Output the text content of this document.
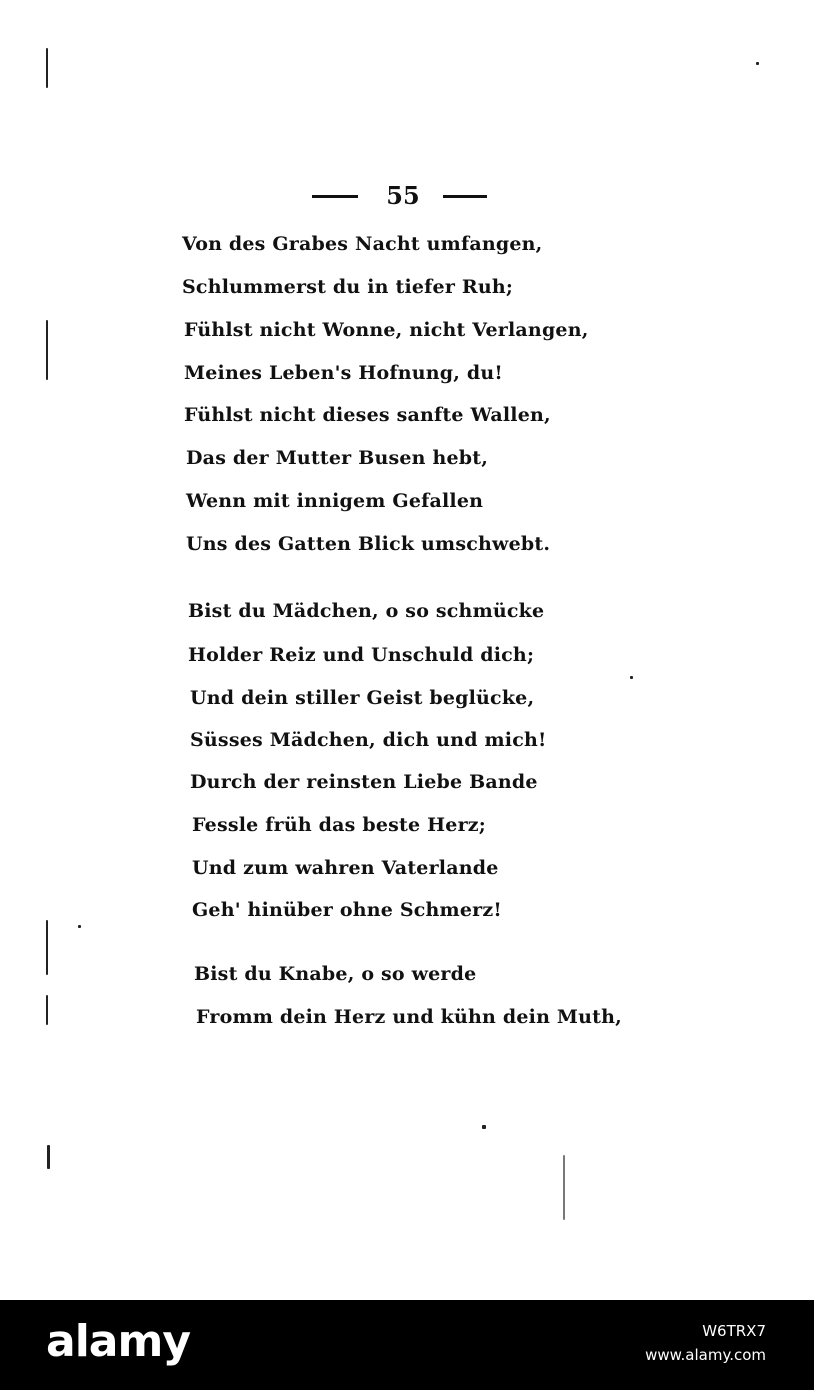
55
Von des Grabes Nacht umfangen,
Schlummerst du in tiefer Ruh;
Fühlst nicht Wonne, nicht Verlangen,
Meines Leben's Hofnung, du!
Fühlst nicht dieses sanfte Wallen,
Das der Mutter Busen hebt,
Wenn mit innigem Gefallen
Uns des Gatten Blick umschwebt.
Bist du Mädchen, o so schmücke
Holder Reiz und Unschuld dich;
Und dein stiller Geist beglücke,
Süsses Mädchen, dich und mich!
Durch der reinsten Liebe Bande
Fessle früh das beste Herz;
Und zum wahren Vaterlande
Geh' hinüber ohne Schmerz!
Bist du Knabe, o so werde
Fromm dein Herz und kühn dein Muth,
alamy	W6TRX7
www.alamy.com
